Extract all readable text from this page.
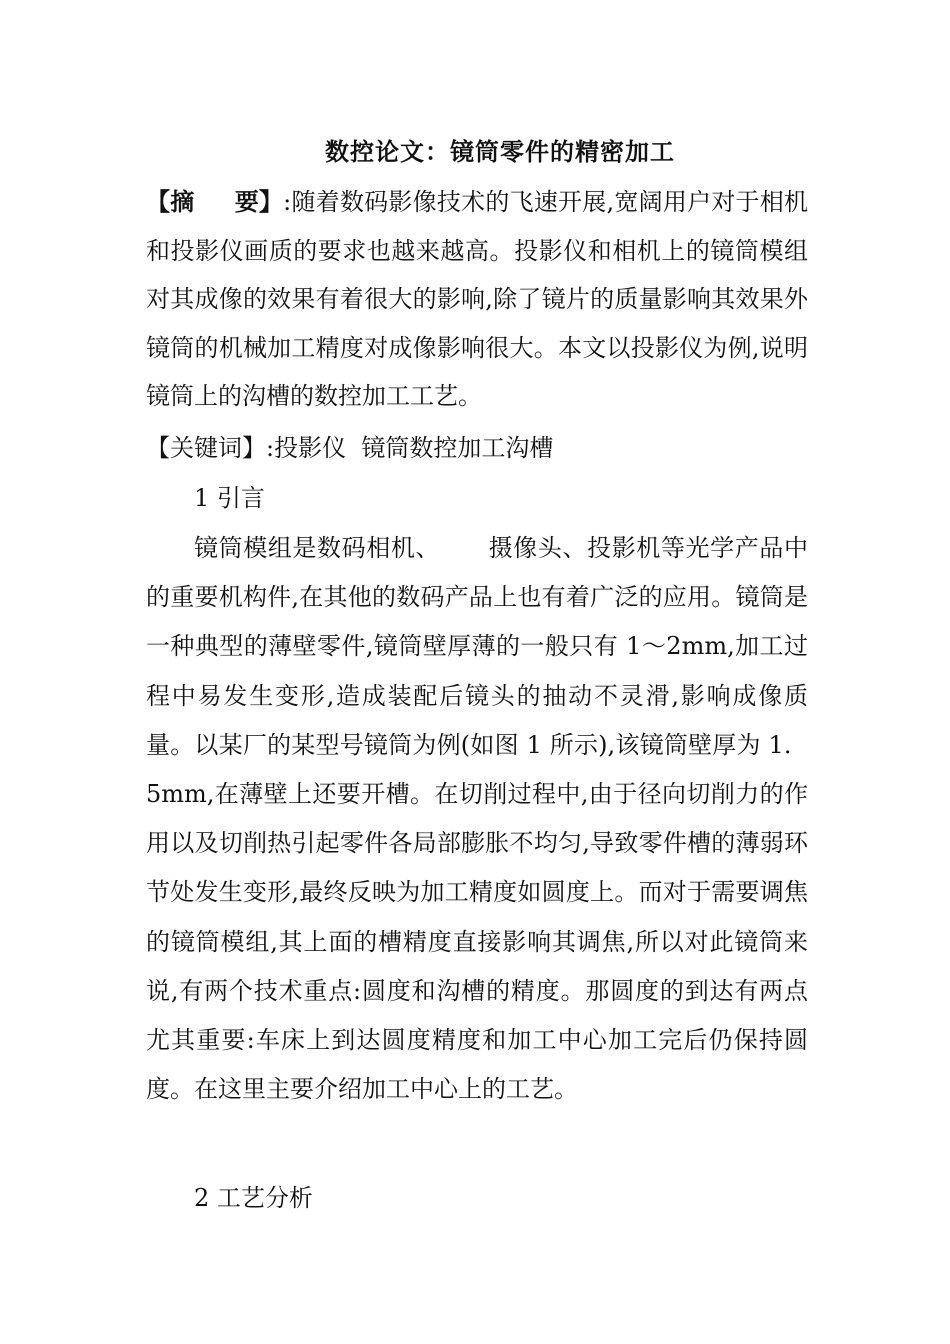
数控论文：镜筒零件的精密加工

【摘 要】:随着数码影像技术的飞速开展,宽阔用户对于相机和投影仪画质的要求也越来越高。投影仪和相机上的镜筒模组对其成像的效果有着很大的影响,除了镜片的质量影响其效果外镜筒的机械加工精度对成像影响很大。本文以投影仪为例,说明镜筒上的沟槽的数控加工工艺。

【关键词】:投影仪  镜筒数控加工沟槽

1 引言

镜筒模组是数码相机、 摄像头、投影机等光学产品中的重要机构件,在其他的数码产品上也有着广泛的应用。镜筒是一种典型的薄壁零件,镜筒壁厚薄的一般只有 1～2mm,加工过程中易发生变形,造成装配后镜头的抽动不灵滑,影响成像质量。以某厂的某型号镜筒为例(如图 1 所示),该镜筒壁厚为 1．5mm,在薄壁上还要开槽。在切削过程中,由于径向切削力的作用以及切削热引起零件各局部膨胀不均匀,导致零件槽的薄弱环节处发生变形,最终反映为加工精度如圆度上。而对于需要调焦的镜筒模组,其上面的槽精度直接影响其调焦,所以对此镜筒来说,有两个技术重点:圆度和沟槽的精度。那圆度的到达有两点尤其重要:车床上到达圆度精度和加工中心加工完后仍保持圆度。在这里主要介绍加工中心上的工艺。

2 工艺分析
